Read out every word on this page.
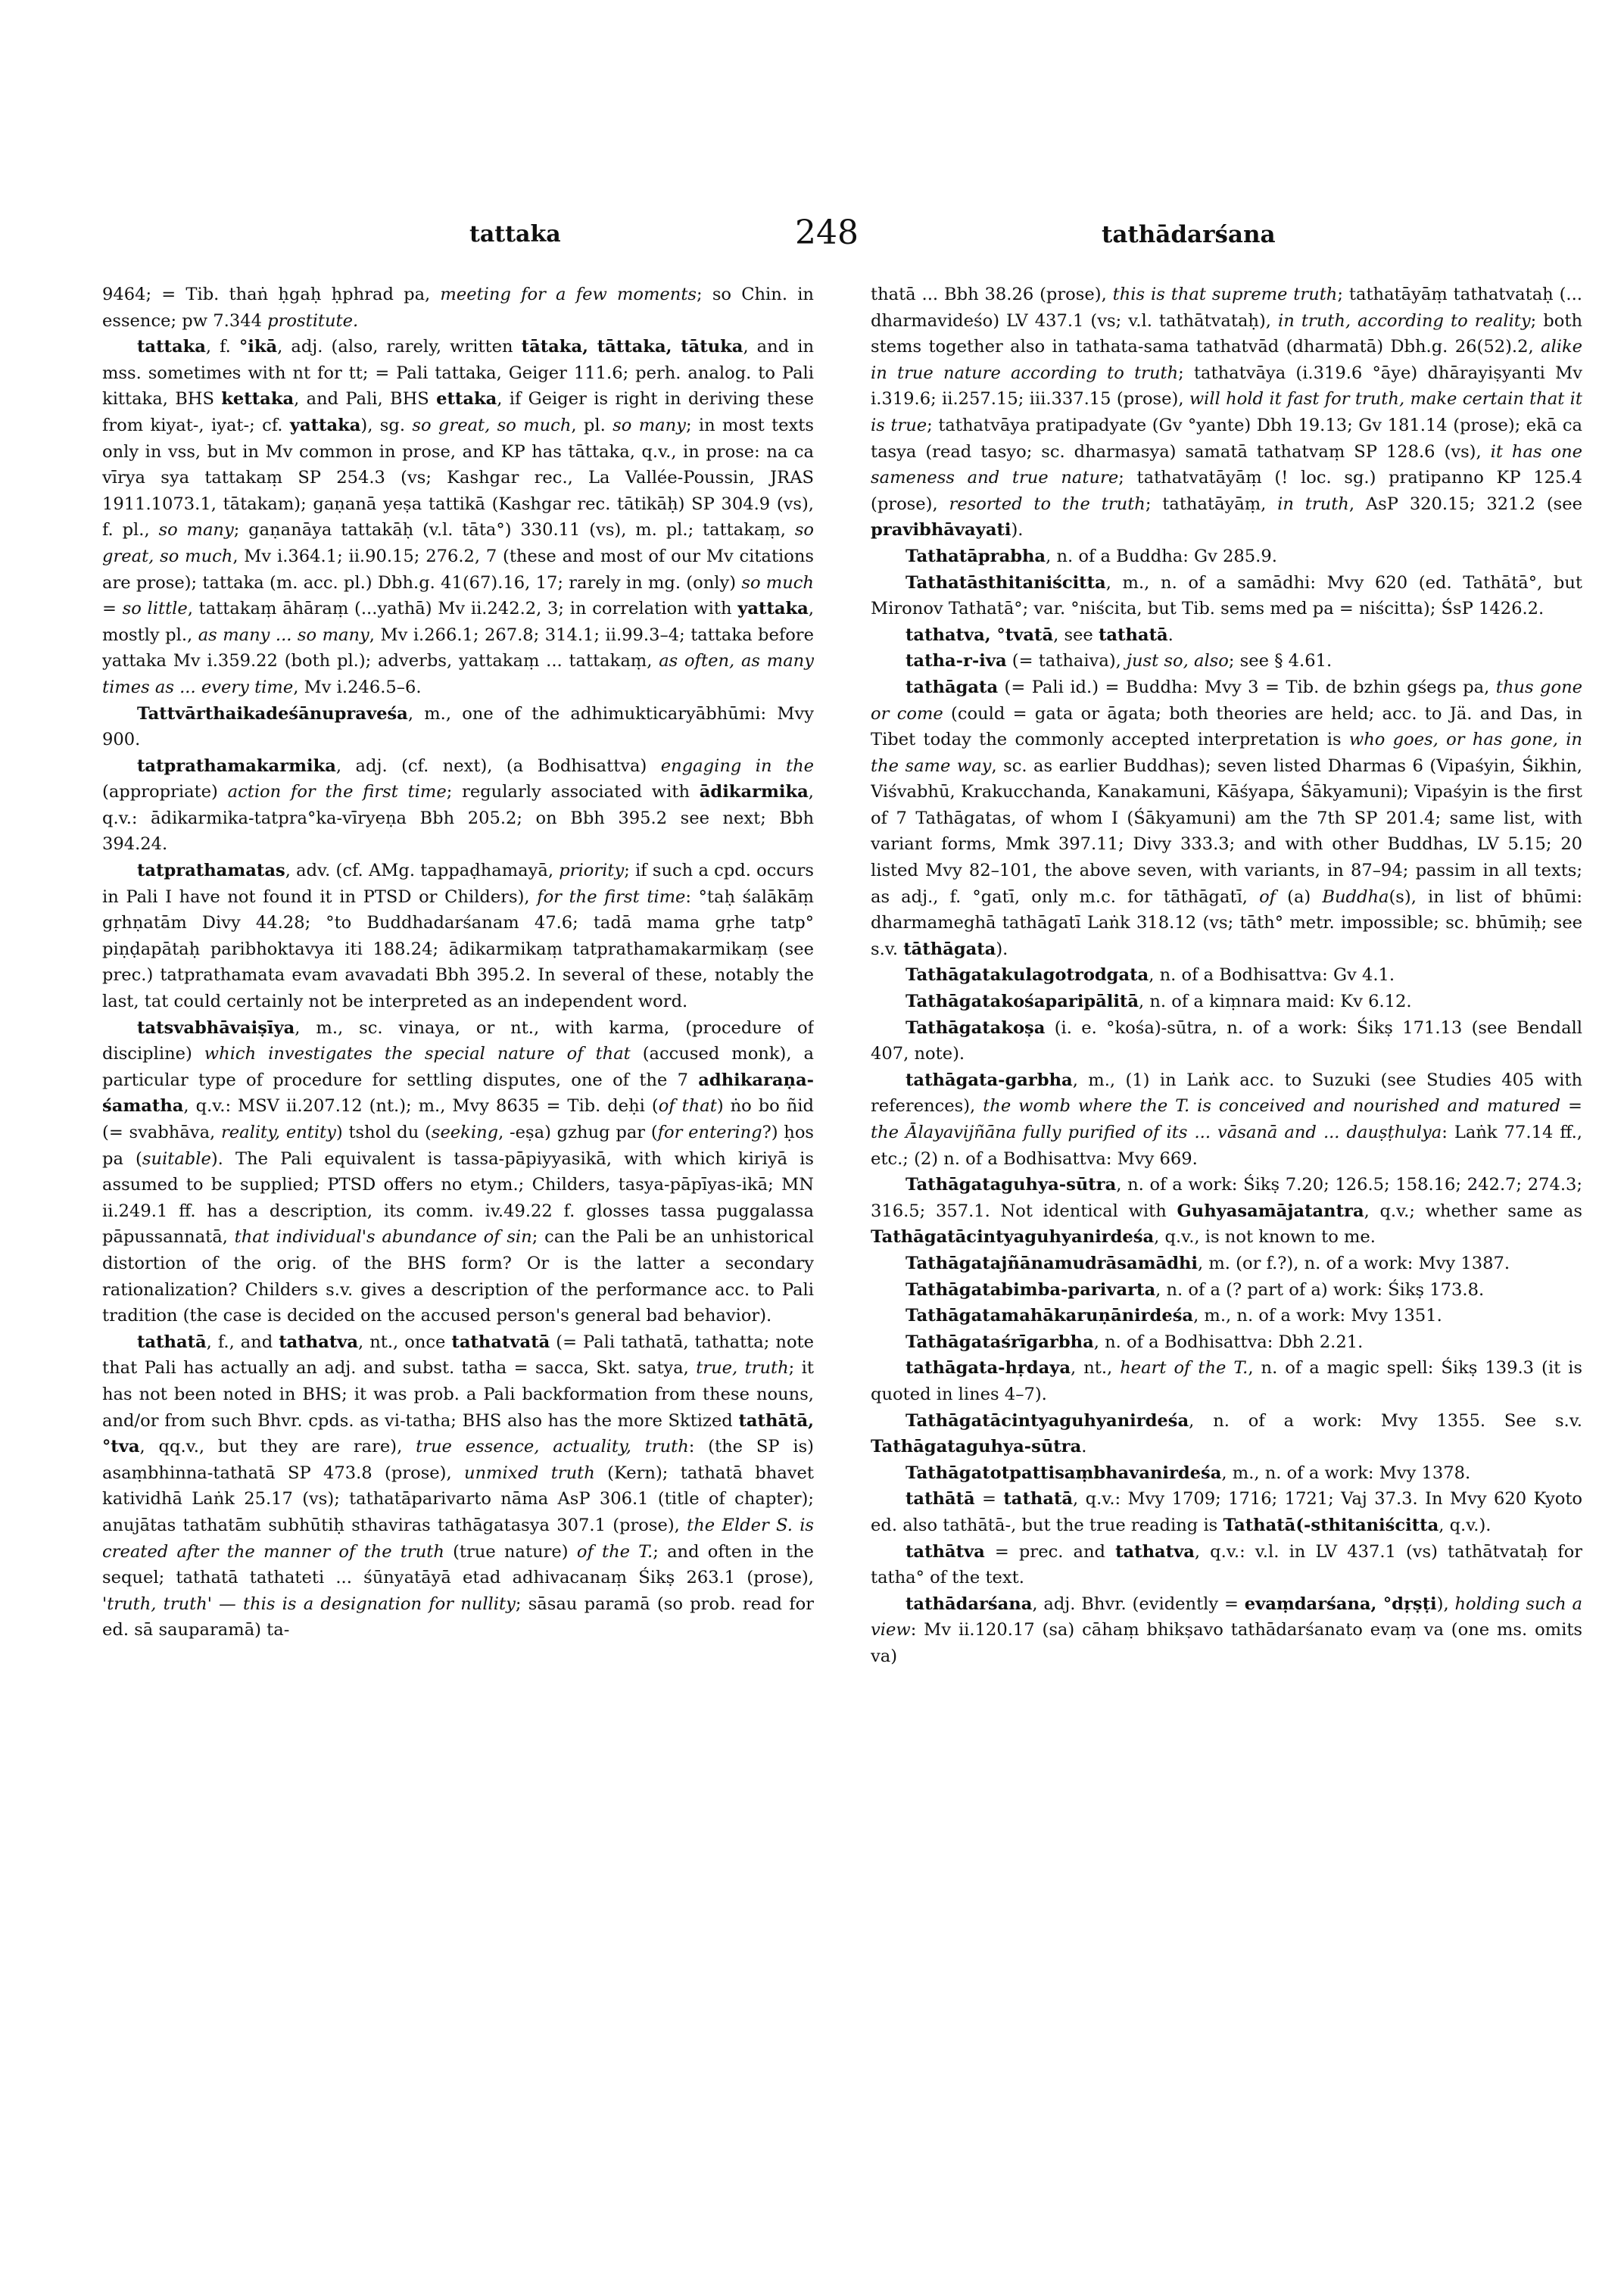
tattaka	248	tathādarśana

9464; = Tib. thaṅ ḥgaḥ ḥphrad pa, meeting for a few moments; so Chin. in essence; pw 7.344 prostitute.

tattaka, f. °ikā, adj. (also, rarely, written tātaka, tāttaka, tātuka, and in mss. sometimes with nt for tt; = Pali tattaka, Geiger 111.6; perh. analog. to Pali kittaka, BHS kettaka, and Pali, BHS ettaka, if Geiger is right in deriving these from kiyat-, iyat-; cf. yattaka), sg. so great, so much, pl. so many; in most texts only in vss, but in Mv common in prose, and KP has tāttaka, q.v., in prose: na ca vīrya sya tattakaṃ SP 254.3 (vs; Kashgar rec., La Vallée-Poussin, JRAS 1911.1073.1, tātakam); gaṇanā yeṣa tattikā (Kashgar rec. tātikāḥ) SP 304.9 (vs), f. pl., so many; gaṇanāya tattakāḥ (v.l. tāta°) 330.11 (vs), m. pl.; tattakaṃ, so great, so much, Mv i.364.1; ii.90.15; 276.2, 7 (these and most of our Mv citations are prose); tattaka (m. acc. pl.) Dbh.g. 41(67).16, 17; rarely in mg. (only) so much = so little, tattakaṃ āhāraṃ (...yathā) Mv ii.242.2, 3; in correlation with yattaka, mostly pl., as many ... so many, Mv i.266.1; 267.8; 314.1; ii.99.3–4; tattaka before yattaka Mv i.359.22 (both pl.); adverbs, yattakaṃ ... tattakaṃ, as often, as many times as ... every time, Mv i.246.5–6.

Tattvārthaikadeśānupraveśa, m., one of the adhimukticaryābhūmi: Mvy 900.

tatprathamakarmika, adj. (cf. next), (a Bodhisattva) engaging in the (appropriate) action for the first time; regularly associated with ādikarmika, q.v.: ādikarmika-tatpra°ka-vīryeṇa Bbh 205.2; on Bbh 395.2 see next; Bbh 394.24.

tatprathamatas, adv. (cf. AMg. tappaḍhamayā, priority; if such a cpd. occurs in Pali I have not found it in PTSD or Childers), for the first time: °taḥ śalākāṃ gṛhṇatām Divy 44.28; °to Buddhadarśanam 47.6; tadā mama gṛhe tatp° piṇḍapātaḥ paribhoktavya iti 188.24; ādikarmikaṃ tatprathamakarmikaṃ (see prec.) tatprathamata evam avavadati Bbh 395.2. In several of these, notably the last, tat could certainly not be interpreted as an independent word.

tatsvabhāvaiṣīya, m., sc. vinaya, or nt., with karma, (procedure of discipline) which investigates the special nature of that (accused monk), a particular type of procedure for settling disputes, one of the 7 adhikaraṇa-śamatha, q.v.: MSV ii.207.12 (nt.); m., Mvy 8635 = Tib. deḥi (of that) ṅo bo ñid (= svabhāva, reality, entity) tshol du (seeking, -eṣa) gzhug par (for entering?) ḥos pa (suitable). The Pali equivalent is tassa-pāpiyyasikā, with which kiriyā is assumed to be supplied; PTSD offers no etym.; Childers, tasya-pāpīyas-ikā; MN ii.249.1 ff. has a description, its comm. iv.49.22 f. glosses tassa puggalassa pāpussannatā, that individual's abundance of sin; can the Pali be an unhistorical distortion of the orig. of the BHS form? Or is the latter a secondary rationalization? Childers s.v. gives a description of the performance acc. to Pali tradition (the case is decided on the accused person's general bad behavior).

tathatā, f., and tathatva, nt., once tathatvatā (= Pali tathatā, tathatta; note that Pali has actually an adj. and subst. tatha = sacca, Skt. satya, true, truth; it has not been noted in BHS; it was prob. a Pali backformation from these nouns, and/or from such Bhvr. cpds. as vi-tatha; BHS also has the more Sktized tathātā, °tva, qq.v., but they are rare), true essence, actuality, truth: (the SP is) asaṃbhinna-tathatā SP 473.8 (prose), unmixed truth (Kern); tathatā bhavet katividhā Laṅk 25.17 (vs); tathatāparivarto nāma AsP 306.1 (title of chapter); anujātas tathatām subhūtiḥ sthaviras tathāgatasya 307.1 (prose), the Elder S. is created after the manner of the truth (true nature) of the T.; and often in the sequel; tathatā tathateti ... śūnyatāyā etad adhivacanaṃ Śikṣ 263.1 (prose), 'truth, truth' — this is a designation for nullity; sāsau paramā (so prob. read for ed. sā sauparamā) ta-

thatā ... Bbh 38.26 (prose), this is that supreme truth; tathatāyāṃ tathatvataḥ (... dharmavideśo) LV 437.1 (vs; v.l. tathātvataḥ), in truth, according to reality; both stems together also in tathata-sama tathatvād (dharmatā) Dbh.g. 26(52).2, alike in true nature according to truth; tathatvāya (i.319.6 °āye) dhārayiṣyanti Mv i.319.6; ii.257.15; iii.337.15 (prose), will hold it fast for truth, make certain that it is true; tathatvāya pratipadyate (Gv °yante) Dbh 19.13; Gv 181.14 (prose); ekā ca tasya (read tasyo; sc. dharmasya) samatā tathatvaṃ SP 128.6 (vs), it has one sameness and true nature; tathatvatāyāṃ (! loc. sg.) pratipanno KP 125.4 (prose), resorted to the truth; tathatāyāṃ, in truth, AsP 320.15; 321.2 (see pravibhāvayati).

Tathatāprabha, n. of a Buddha: Gv 285.9.

Tathatāsthitaniścitta, m., n. of a samādhi: Mvy 620 (ed. Tathātā°, but Mironov Tathatā°; var. °niścita, but Tib. sems med pa = niścitta); ŚsP 1426.2.

tathatva, °tvatā, see tathatā.

tatha-r-iva (= tathaiva), just so, also; see § 4.61.

tathāgata (= Pali id.) = Buddha: Mvy 3 = Tib. de bzhin gśegs pa, thus gone or come (could = gata or āgata; both theories are held; acc. to Jä. and Das, in Tibet today the commonly accepted interpretation is who goes, or has gone, in the same way, sc. as earlier Buddhas); seven listed Dharmas 6 (Vipaśyin, Śikhin, Viśvabhū, Krakucchanda, Kanakamuni, Kāśyapa, Śākyamuni); Vipaśyin is the first of 7 Tathāgatas, of whom I (Śākyamuni) am the 7th SP 201.4; same list, with variant forms, Mmk 397.11; Divy 333.3; and with other Buddhas, LV 5.15; 20 listed Mvy 82–101, the above seven, with variants, in 87–94; passim in all texts; as adj., f. °gatī, only m.c. for tāthāgatī, of (a) Buddha(s), in list of bhūmi: dharmameghā tathāgatī Laṅk 318.12 (vs; tāth° metr. impossible; sc. bhūmiḥ; see s.v. tāthāgata).

Tathāgatakulagotrodgata, n. of a Bodhisattva: Gv 4.1.

Tathāgatakośaparipālitā, n. of a kiṃnara maid: Kv 6.12.

Tathāgatakoṣa (i. e. °kośa)-sūtra, n. of a work: Śikṣ 171.13 (see Bendall 407, note).

tathāgata-garbha, m., (1) in Laṅk acc. to Suzuki (see Studies 405 with references), the womb where the T. is conceived and nourished and matured = the Ālayavijñāna fully purified of its ... vāsanā and ... dauṣṭhulya: Laṅk 77.14 ff., etc.; (2) n. of a Bodhisattva: Mvy 669.

Tathāgataguhya-sūtra, n. of a work: Śikṣ 7.20; 126.5; 158.16; 242.7; 274.3; 316.5; 357.1. Not identical with Guhyasamājatantra, q.v.; whether same as Tathāgatācintyaguhyanirdeśa, q.v., is not known to me.

Tathāgatajñānamudrāsamādhi, m. (or f.?), n. of a work: Mvy 1387.

Tathāgatabimba-parivarta, n. of a (? part of a) work: Śikṣ 173.8.

Tathāgatamahākaruṇānirdeśa, m., n. of a work: Mvy 1351.

Tathāgataśrīgarbha, n. of a Bodhisattva: Dbh 2.21.

tathāgata-hṛdaya, nt., heart of the T., n. of a magic spell: Śikṣ 139.3 (it is quoted in lines 4–7).

Tathāgatācintyaguhyanirdeśa, n. of a work: Mvy 1355. See s.v. Tathāgataguhya-sūtra.

Tathāgatotpattisaṃbhavanirdeśa, m., n. of a work: Mvy 1378.

tathātā = tathatā, q.v.: Mvy 1709; 1716; 1721; Vaj 37.3. In Mvy 620 Kyoto ed. also tathātā-, but the true reading is Tathatā(-sthitaniścitta, q.v.).

tathātva = prec. and tathatva, q.v.: v.l. in LV 437.1 (vs) tathātvataḥ for tatha° of the text.

tathādarśana, adj. Bhvr. (evidently = evaṃdarśana, °dṛṣṭi), holding such a view: Mv ii.120.17 (sa) cāhaṃ bhikṣavo tathādarśanato evaṃ va (one ms. omits va)
